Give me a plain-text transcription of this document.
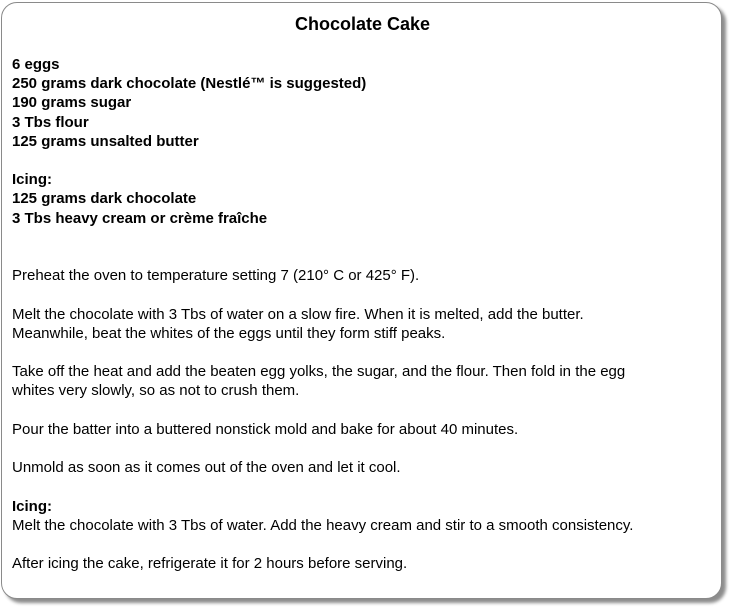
Chocolate Cake
6 eggs
250 grams dark chocolate (Nestlé™ is suggested)
190 grams sugar
3 Tbs flour
125 grams unsalted butter
Icing:
125 grams dark chocolate
3 Tbs heavy cream or crème fraîche
Preheat the oven to temperature setting 7 (210° C or 425° F).
Melt the chocolate with 3 Tbs of water on a slow fire. When it is melted, add the butter.
Meanwhile, beat the whites of the eggs until they form stiff peaks.
Take off the heat and add the beaten egg yolks, the sugar, and the flour. Then fold in the egg
whites very slowly, so as not to crush them.
Pour the batter into a buttered nonstick mold and bake for about 40 minutes.
Unmold as soon as it comes out of the oven and let it cool.
Icing:
Melt the chocolate with 3 Tbs of water. Add the heavy cream and stir to a smooth consistency.
After icing the cake, refrigerate it for 2 hours before serving.
